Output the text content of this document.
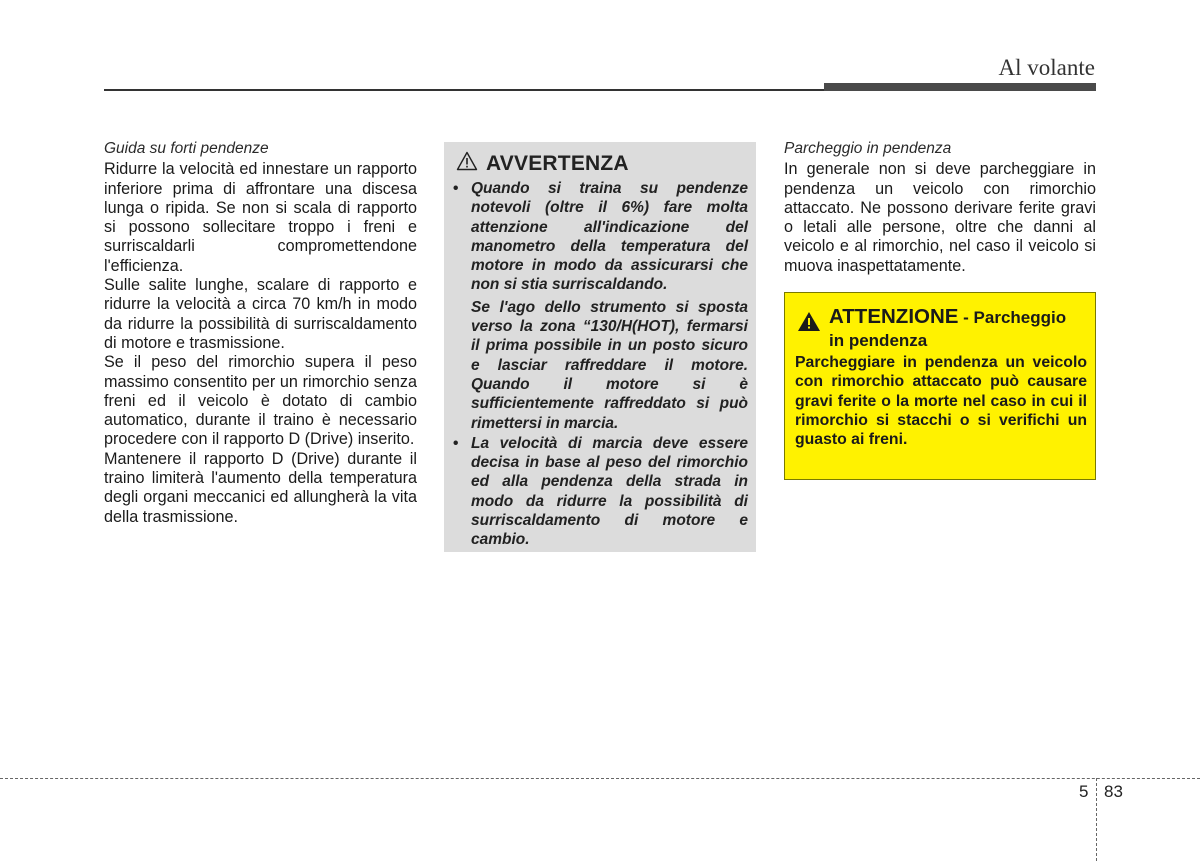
Al volante
Guida su forti pendenze

Ridurre la velocità ed innestare un rapporto inferiore prima di affrontare una discesa lunga o ripida. Se non si scala di rapporto si possono sollecitare troppo i freni e surriscaldarli compromettendone l'efficienza.

Sulle salite lunghe, scalare di rapporto e ridurre la velocità a circa 70 km/h in modo da ridurre la possibilità di surriscaldamento di motore e trasmissione.

Se il peso del rimorchio supera il peso massimo consentito per un rimorchio senza freni ed il veicolo è dotato di cambio automatico, durante il traino è necessario procedere con il rapporto D (Drive) inserito.

Mantenere il rapporto D (Drive) durante il traino limiterà l'aumento della temperatura degli organi meccanici ed allungherà la vita della trasmissione.

AVVERTENZA
• Quando si traina su pendenze notevoli (oltre il 6%) fare molta attenzione all'indicazione del manometro della temperatura del motore in modo da assicurarsi che non si stia surriscaldando.

Se l'ago dello strumento si sposta verso la zona “130/H(HOT), fermarsi il prima possibile in un posto sicuro e lasciar raffreddare il motore. Quando il motore si è sufficientemente raffreddato si può rimettersi in marcia.

• La velocità di marcia deve essere decisa in base al peso del rimorchio ed alla pendenza della strada in modo da ridurre la possibilità di surriscaldamento di motore e cambio.

Parcheggio in pendenza

In generale non si deve parcheggiare in pendenza un veicolo con rimorchio attaccato. Ne possono derivare ferite gravi o letali alle persone, oltre che danni al veicolo e al rimorchio, nel caso il veicolo si muova inaspettatamente.

ATTENZIONE - Parcheggio
in pendenza
Parcheggiare in pendenza un veicolo con rimorchio attaccato può causare gravi ferite o la morte nel caso in cui il rimorchio si stacchi o si verifichi un guasto ai freni.
5 83
